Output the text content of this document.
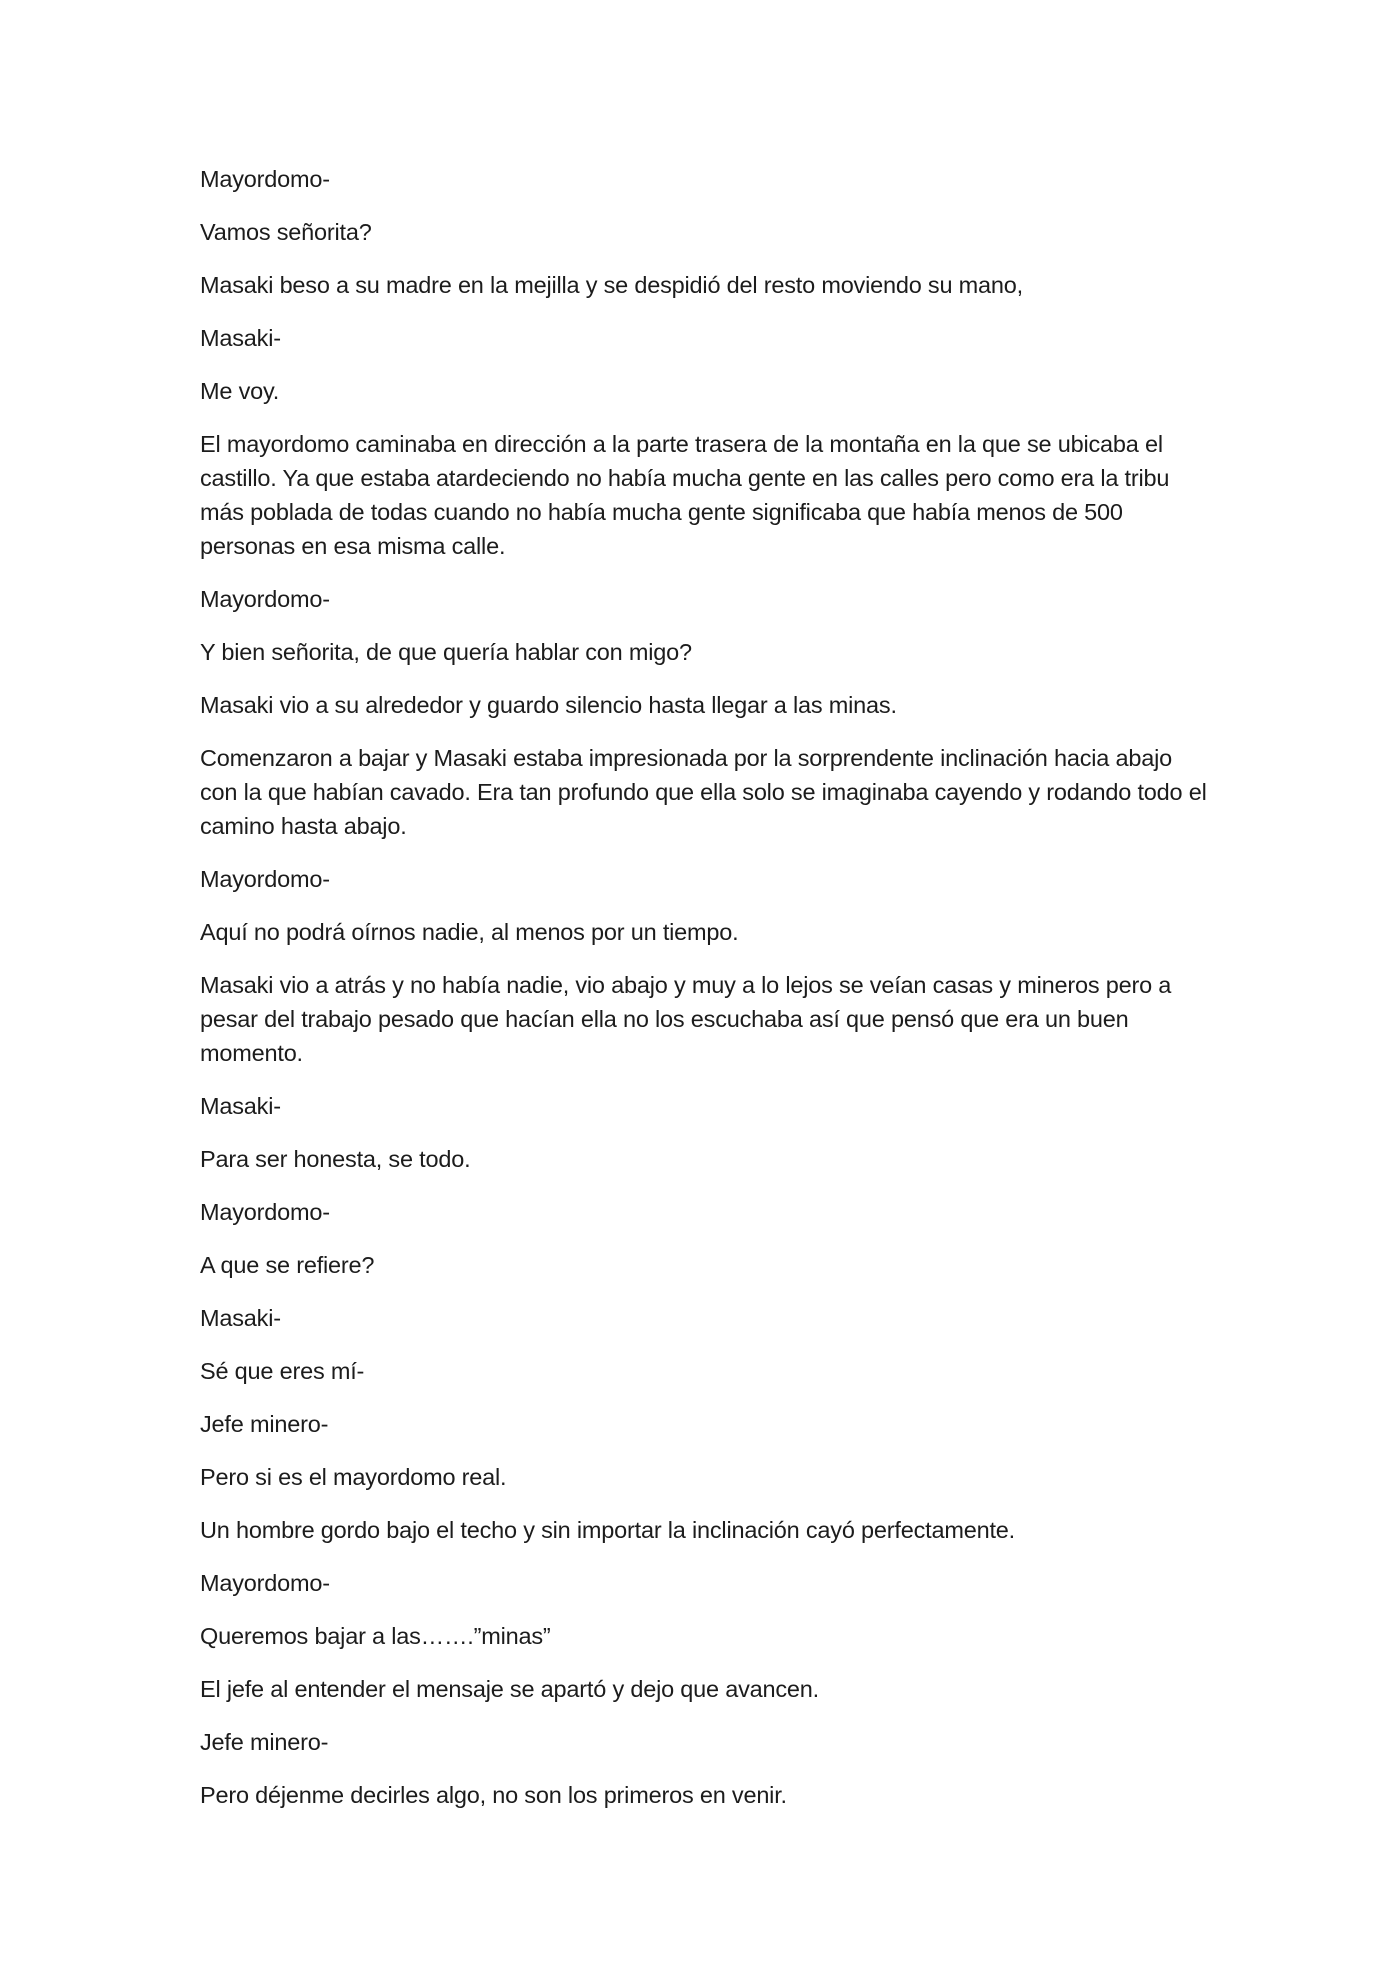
Mayordomo-

Vamos señorita?

Masaki beso a su madre en la mejilla y se despidió del resto moviendo su mano,

Masaki-

Me voy.

El mayordomo caminaba en dirección a la parte trasera de la montaña en la que se ubicaba el castillo. Ya que estaba atardeciendo no había mucha gente en las calles pero como era la tribu más poblada de todas cuando no había mucha gente significaba que había menos de 500 personas en esa misma calle.

Mayordomo-

Y bien señorita, de que quería hablar con migo?

Masaki vio a su alrededor y guardo silencio hasta llegar a las minas.

Comenzaron a bajar y Masaki estaba impresionada por la sorprendente inclinación hacia abajo con la que habían cavado. Era tan profundo que ella solo se imaginaba cayendo y rodando todo el camino hasta abajo.

Mayordomo-

Aquí no podrá oírnos nadie, al menos por un tiempo.

Masaki vio a atrás y no había nadie, vio abajo y muy a lo lejos se veían casas y mineros pero a pesar del trabajo pesado que hacían ella no los escuchaba así que pensó que era un buen momento.

Masaki-

Para ser honesta, se todo.

Mayordomo-

A que se refiere?

Masaki-

Sé que eres mí-

Jefe minero-

Pero si es el mayordomo real.

Un hombre gordo bajo el techo y sin importar la inclinación cayó perfectamente.

Mayordomo-

Queremos bajar a las…….”minas”

El jefe al entender el mensaje se apartó y dejo que avancen.

Jefe minero-

Pero déjenme decirles algo, no son los primeros en venir.
